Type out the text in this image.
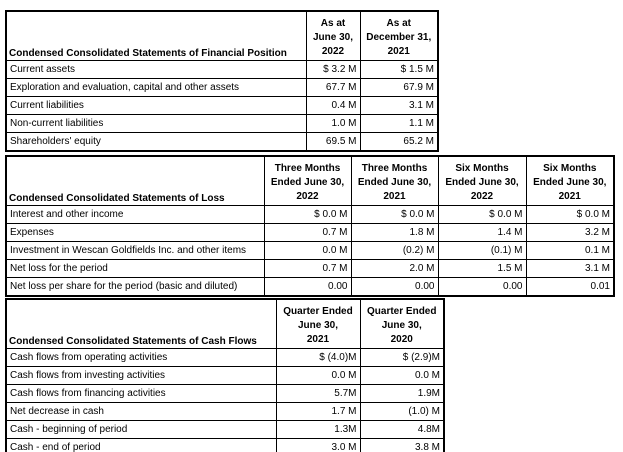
Condensed Consolidated Statements of Financial Position	
As at
June 30,
2022

As at
December 31,
2021

Current assets	$ 3.2 M	$ 1.5 M
Exploration and evaluation, capital and other assets	67.7 M	67.9 M
Current liabilities	0.4 M	3.1 M
Non-current liabilities	1.0 M	1.1 M
Shareholders' equity	69.5 M	65.2 M
Condensed Consolidated Statements of Loss	
Three Months
Ended June 30,
2022

Three Months
Ended June 30,
2021

Six Months
Ended June 30,
2022

Six Months
Ended June 30,
2021

Interest and other income	$ 0.0 M	$ 0.0 M	$ 0.0 M	$ 0.0 M
Expenses	0.7 M	1.8 M	1.4 M	3.2 M
Investment in Wescan Goldfields Inc. and other items	0.0 M	(0.2) M	(0.1) M	0.1 M
Net loss for the period	0.7 M	2.0 M	1.5 M	3.1 M
Net loss per share for the period (basic and diluted)	0.00	0.00	0.00	0.01
Condensed Consolidated Statements of Cash Flows	
Quarter Ended
June 30,
2021

Quarter Ended
June 30,
2020

Cash flows from operating activities	$ (4.0)M	$ (2.9)M
Cash flows from investing activities	0.0 M	0.0 M
Cash flows from financing activities	5.7M	1.9M
Net decrease in cash	1.7 M	(1.0) M
Cash - beginning of period	1.3M	4.8M
Cash - end of period	3.0 M	3.8 M
